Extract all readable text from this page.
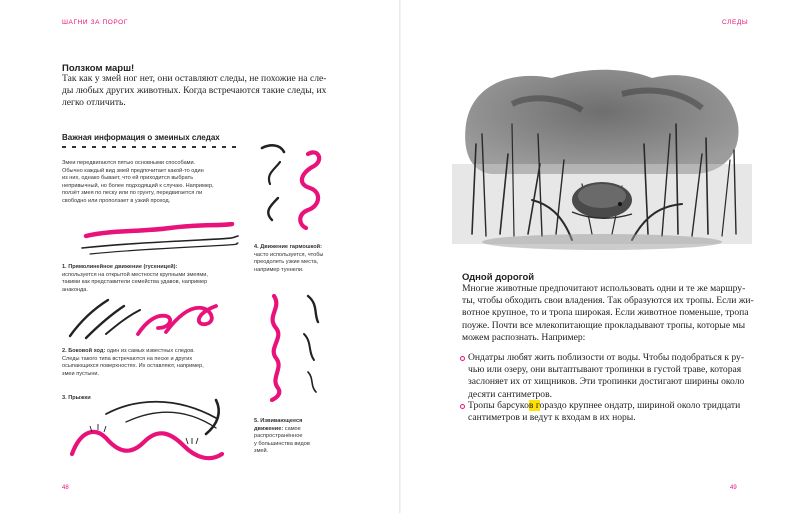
ШАГНИ ЗА ПОРОГ
Ползком марш!
Так как у змей ног нет, они оставляют следы, не похожие на сле-
ды любых других животных. Когда встречаются такие следы, их
легко отличить.
Важная информация о змеиных следах
Змеи передвигаются пятью основными способами.
Обычно каждый вид змей предпочитает какой-то один
из них, однако бывает, что ей приходится выбрать
непривычный, но более подходящий к случаю. Например,
ползёт змея по песку или по грунту, передвигается ли
свободно или проползает в узкий проход.
1. Прямолинейное движение (гусеницей):
используется на открытой местности крупными змеями,
такими как представители семейства удавов, например
анаконда.
2. Боковой ход: один из самых известных следов.
Следы такого типа встречаются на песке и других
осыпающихся поверхностях. Их оставляют, например,
змеи пустыни.
3. Прыжки
4. Движение гармошкой:
часто используется, чтобы
преодолеть узкие места,
например туннели.
5. Извивающееся
движение: самое
распространённое
у большинства видов
змей.
48
СЛЕДЫ
Одной дорогой
Многие животные предпочитают использовать одни и те же маршру-
ты, чтобы обходить свои владения. Так образуются их тропы. Если жи-
вотное крупное, то и тропа широкая. Если животное поменьше, тропа
поуже. Почти все млекопитающие прокладывают тропы, которые мы
можем распознать. Например:
Ондатры любят жить поблизости от воды. Чтобы подобраться к ру-
чью или озеру, они вытаптывают тропинки в густой траве, которая
заслоняет их от хищников. Эти тропинки достигают ширины около
десяти сантиметров.
Тропы барсуков гораздо крупнее ондатр, шириной около тридцати
сантиметров и ведут к входам в их норы.
49
